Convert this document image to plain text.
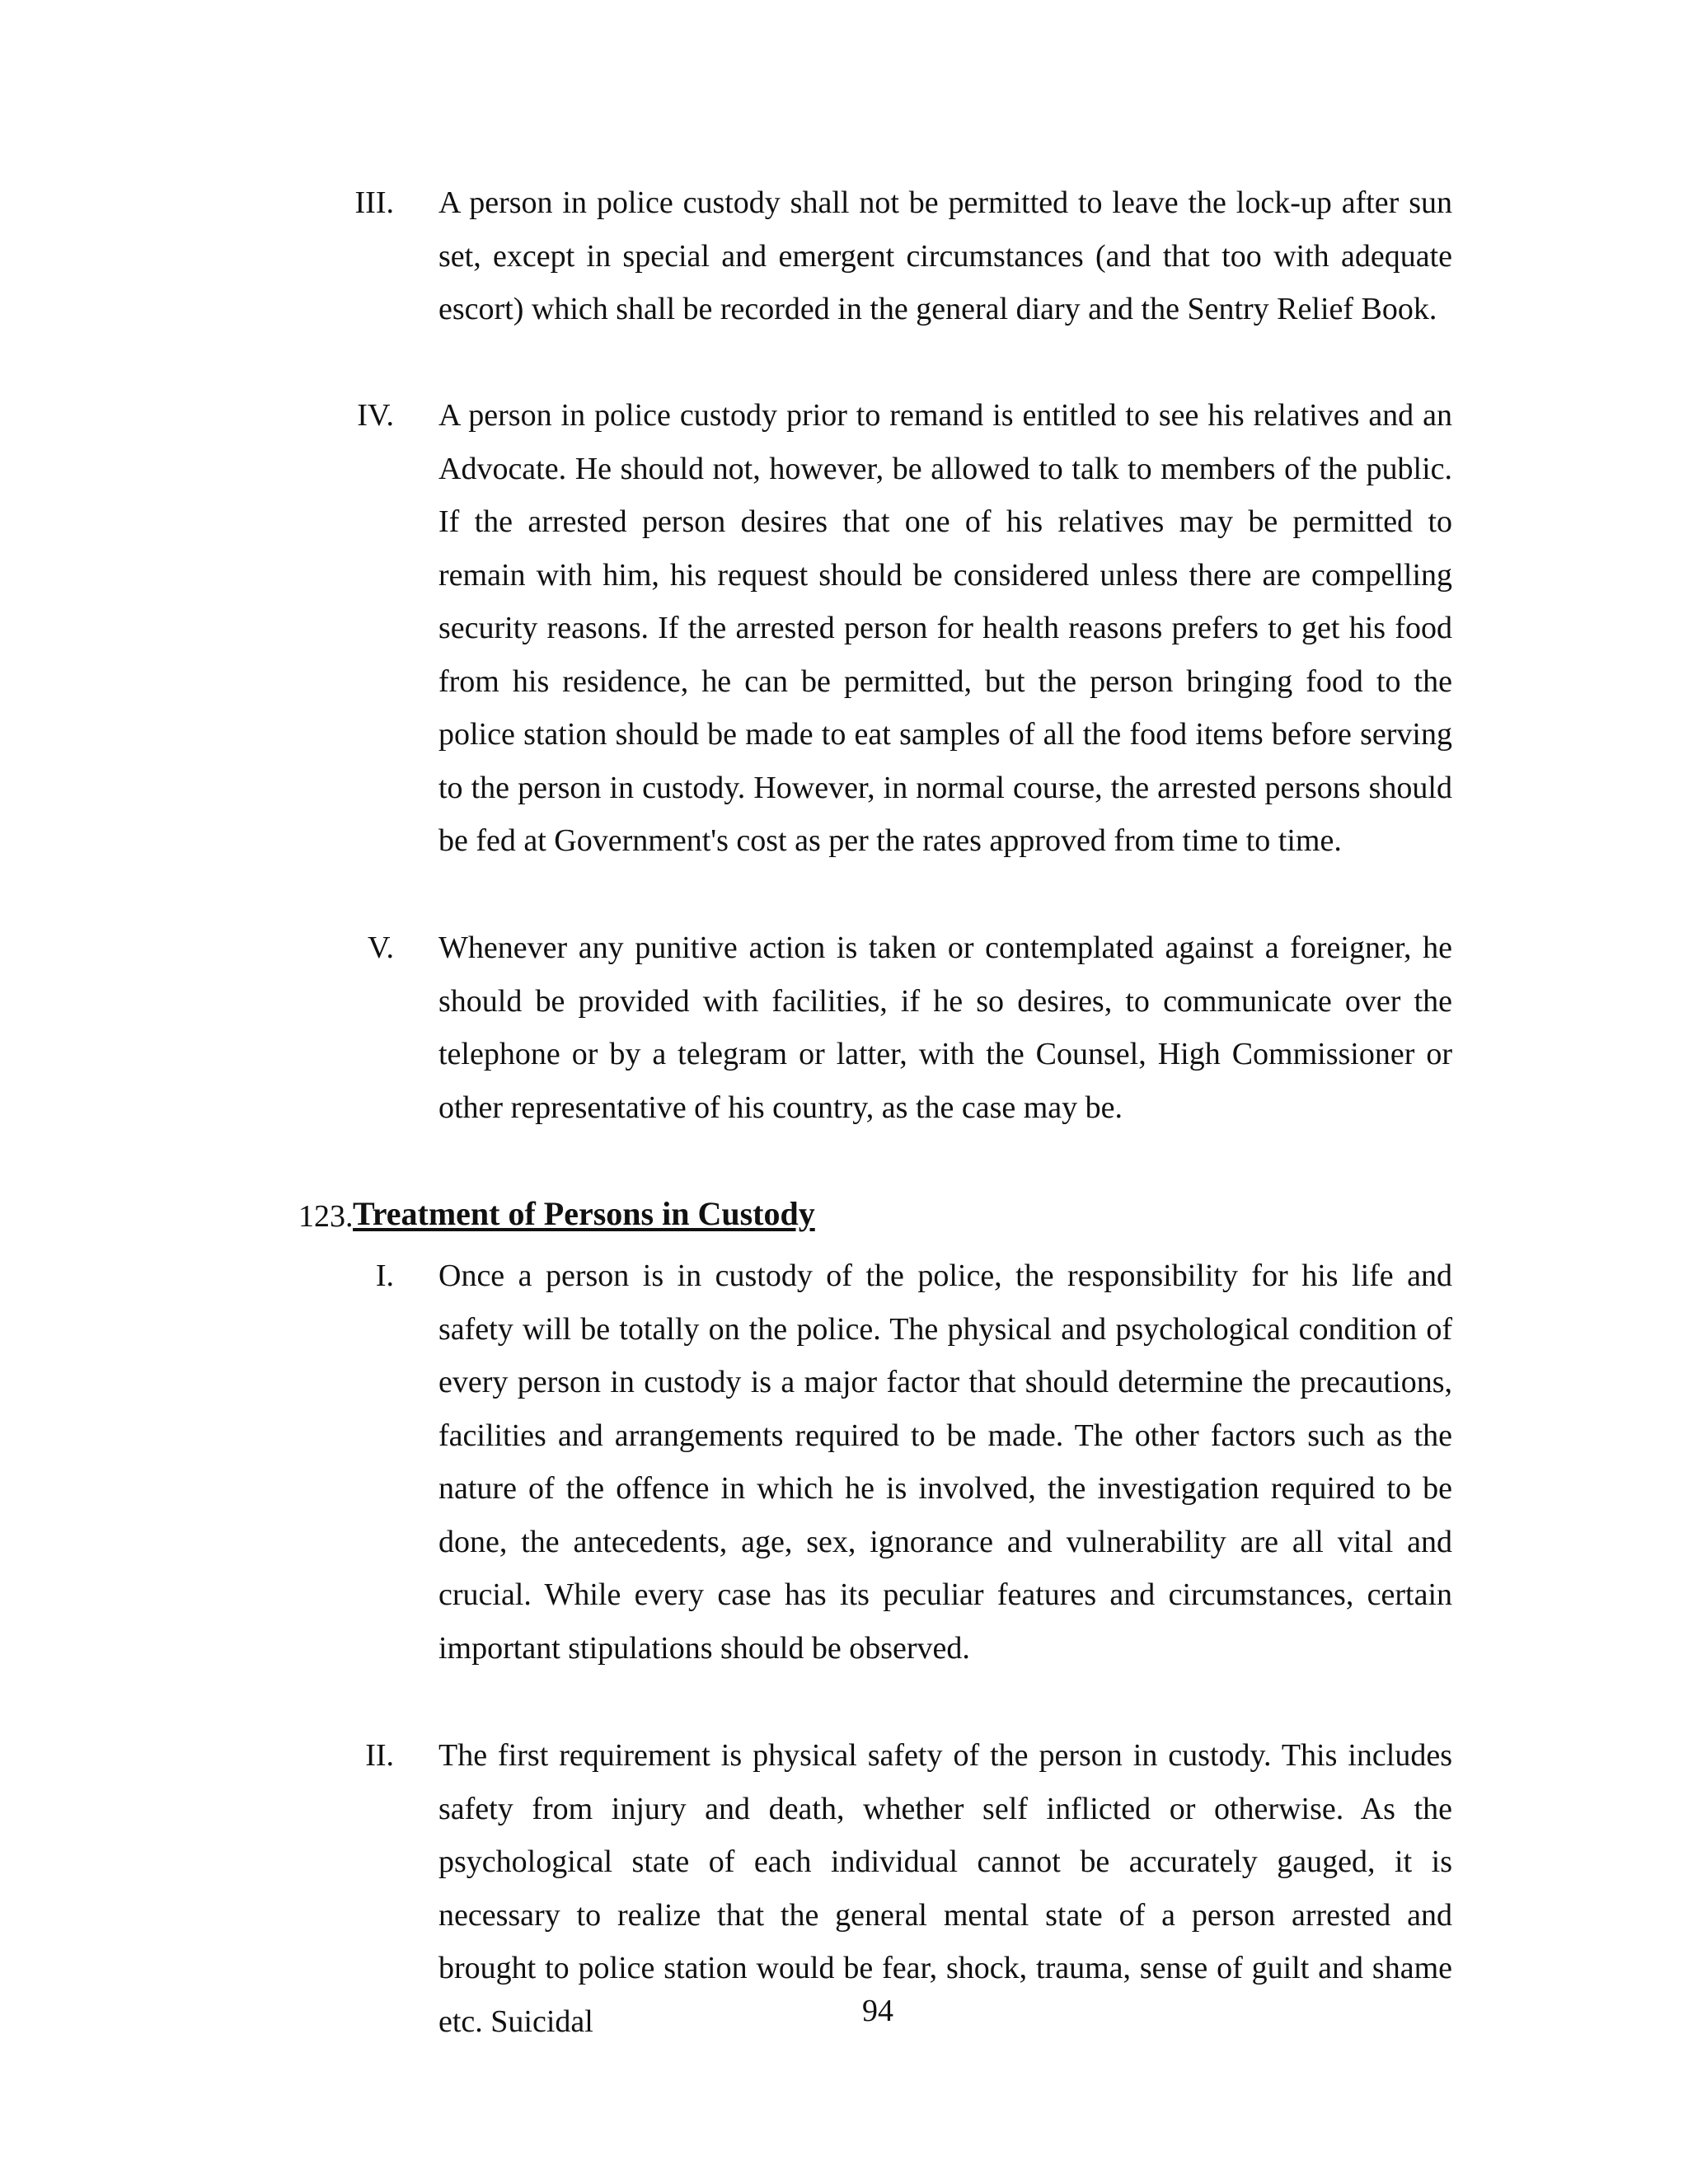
III. A person in police custody shall not be permitted to leave the lock-up after sun set, except in special and emergent circumstances (and that too with adequate escort) which shall be recorded in the general diary and the Sentry Relief Book.

IV. A person in police custody prior to remand is entitled to see his relatives and an Advocate. He should not, however, be allowed to talk to members of the public. If the arrested person desires that one of his relatives may be permitted to remain with him, his request should be considered unless there are compelling security reasons. If the arrested person for health reasons prefers to get his food from his residence, he can be permitted, but the person bringing food to the police station should be made to eat samples of all the food items before serving to the person in custody. However, in normal course, the arrested persons should be fed at Government's cost as per the rates approved from time to time.

V. Whenever any punitive action is taken or contemplated against a foreigner, he should be provided with facilities, if he so desires, to communicate over the telephone or by a telegram or latter, with the Counsel, High Commissioner or other representative of his country, as the case may be.

123. Treatment of Persons in Custody
I. Once a person is in custody of the police, the responsibility for his life and safety will be totally on the police. The physical and psychological condition of every person in custody is a major factor that should determine the precautions, facilities and arrangements required to be made. The other factors such as the nature of the offence in which he is involved, the investigation required to be done, the antecedents, age, sex, ignorance and vulnerability are all vital and crucial. While every case has its peculiar features and circumstances, certain important stipulations should be observed.

II. The first requirement is physical safety of the person in custody. This includes safety from injury and death, whether self inflicted or otherwise. As the psychological state of each individual cannot be accurately gauged, it is necessary to realize that the general mental state of a person arrested and brought to police station would be fear, shock, trauma, sense of guilt and shame etc. Suicidal	94
